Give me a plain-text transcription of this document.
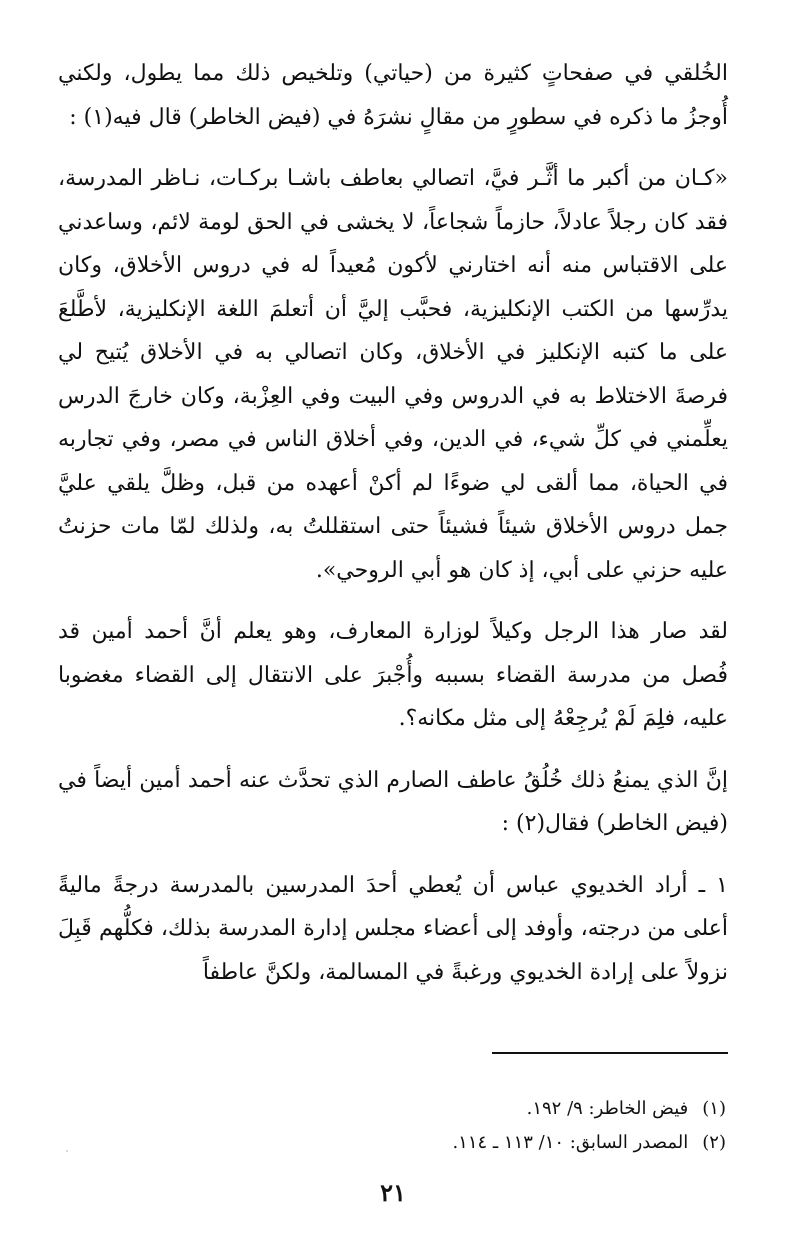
الخُلقي في صفحاتٍ كثيرة من (حياتي) وتلخيص ذلك مما يطول، ولكني أُوجزُ ما ذكره في سطورٍ من مقالٍ نشرَهُ في (فيض الخاطر) قال فيه(١) :

«كـان من أكبر ما أثَّـر فيَّ، اتصالي بعاطف باشـا بركـات، نـاظر المدرسة، فقد كان رجلاً عادلاً، حازماً شجاعاً، لا يخشى في الحق لومة لائم، وساعدني على الاقتباس منه أنه اختارني لأكون مُعيداً له في دروس الأخلاق، وكان يدرِّسها من الكتب الإنكليزية، فحبَّب إليَّ أن أتعلمَ اللغة الإنكليزية، لأطَّلعَ على ما كتبه الإنكليز في الأخلاق، وكان اتصالي به في الأخلاق يُتيح لي فرصةَ الاختلاط به في الدروس وفي البيت وفي العِزْبة، وكان خارجَ الدرس يعلِّمني في كلِّ شيء، في الدين، وفي أخلاق الناس في مصر، وفي تجاربه في الحياة، مما ألقى لي ضوءًا لم أكنْ أعهده من قبل، وظلَّ يلقي عليَّ جمل دروس الأخلاق شيئاً فشيئاً حتى استقللتُ به، ولذلك لمّا مات حزنتُ عليه حزني على أبي، إذ كان هو أبي الروحي».

لقد صار هذا الرجل وكيلاً لوزارة المعارف، وهو يعلم أنَّ أحمد أمين قد فُصل من مدرسة القضاء بسببه وأُجْبرَ على الانتقال إلى القضاء مغضوبا عليه، فلِمَ لَمْ يُرجِعْهُ إلى مثل مكانه؟.

إنَّ الذي يمنعُ ذلك خُلُقُ عاطف الصارم الذي تحدَّث عنه أحمد أمين أيضاً في (فيض الخاطر) فقال(٢) :

١ ـ أراد الخديوي عباس أن يُعطي أحدَ المدرسين بالمدرسة درجةً ماليةً أعلى من درجته، وأوفد إلى أعضاء مجلس إدارة المدرسة بذلك، فكلُّهم قَبِلَ نزولاً على إرادة الخديوي ورغبةً في المسالمة، ولكنَّ عاطفاً

(١)
فيض الخاطر: ٩/ ١٩٢.
(٢)
المصدر السابق: ١٠/ ١١٣ ـ ١١٤.
٢١
